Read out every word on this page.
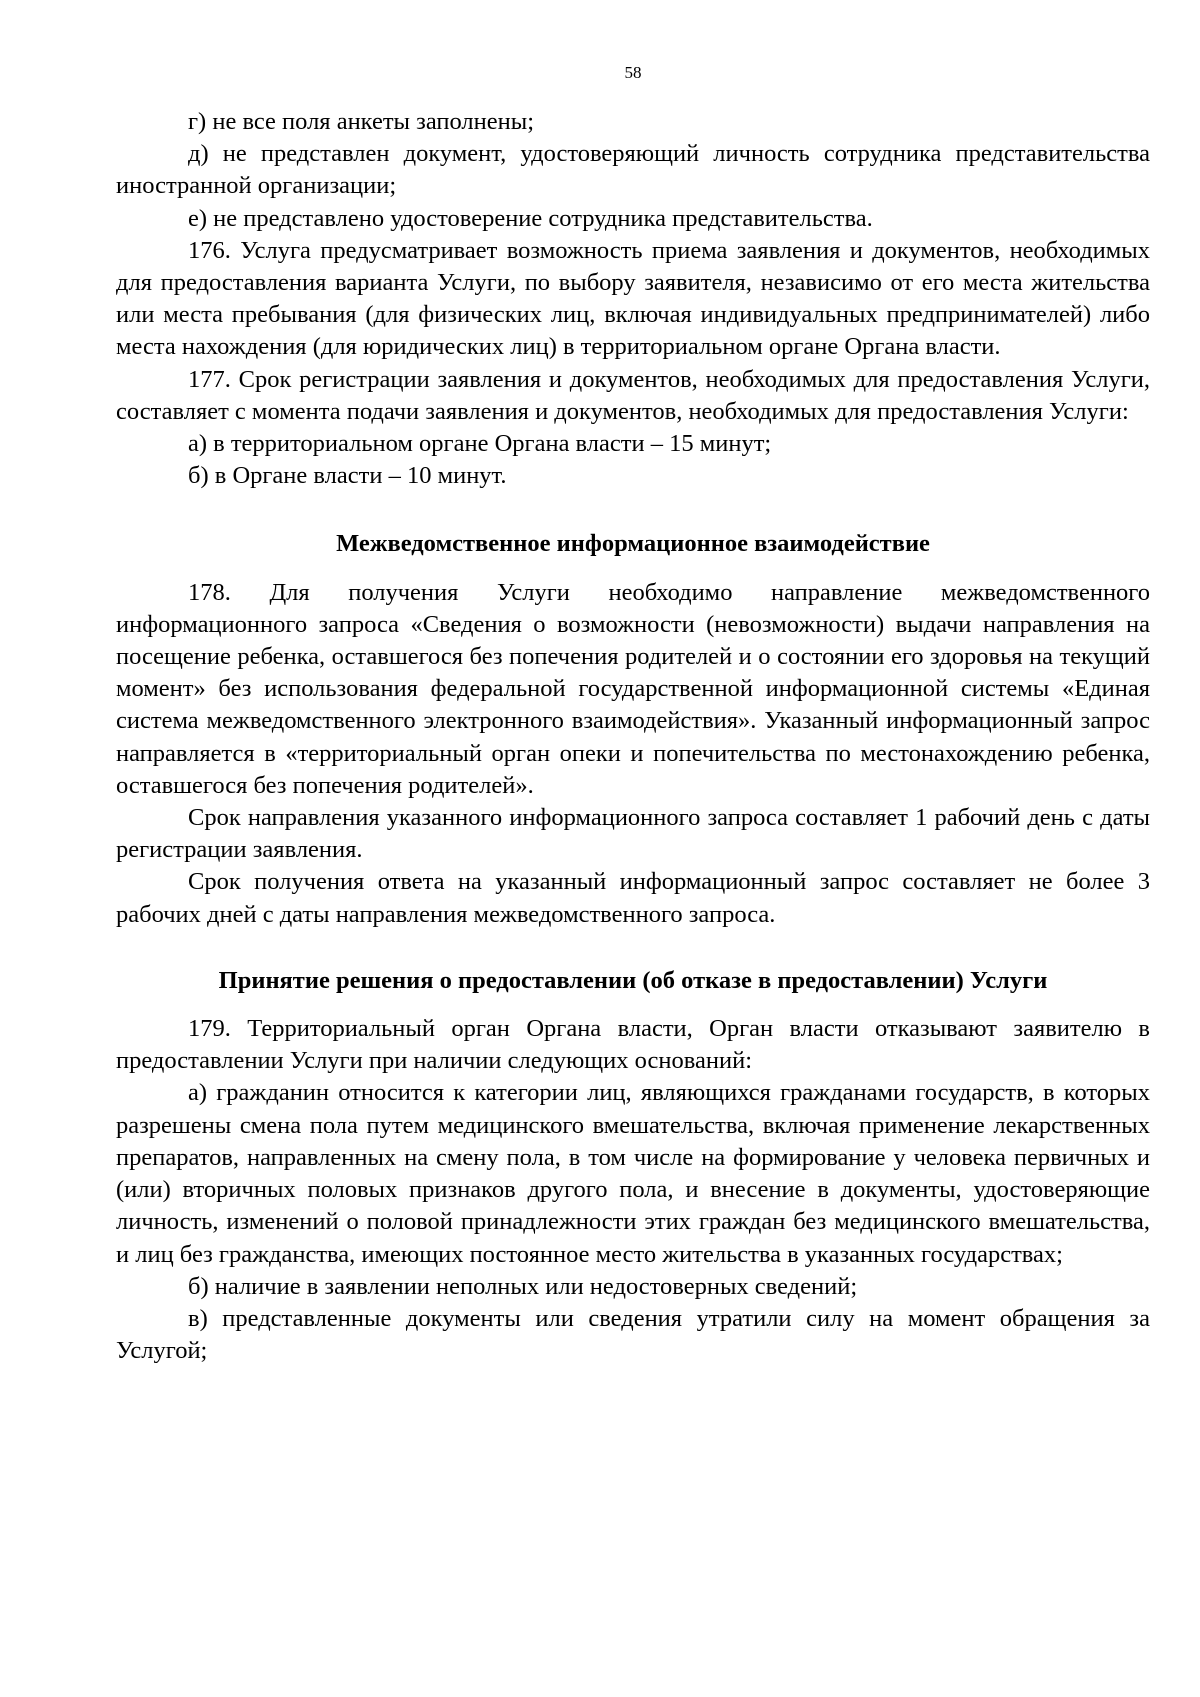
58

г) не все поля анкеты заполнены;

д) не представлен документ, удостоверяющий личность сотрудника представительства иностранной организации;

е) не представлено удостоверение сотрудника представительства.

176. Услуга предусматривает возможность приема заявления и документов, необходимых для предоставления варианта Услуги, по выбору заявителя, независимо от его места жительства или места пребывания (для физических лиц, включая индивидуальных предпринимателей) либо места нахождения (для юридических лиц) в территориальном органе Органа власти.

177. Срок регистрации заявления и документов, необходимых для предоставления Услуги, составляет с момента подачи заявления и документов, необходимых для предоставления Услуги:

а) в территориальном органе Органа власти – 15 минут;

б) в Органе власти – 10 минут.

Межведомственное информационное взаимодействие

178. Для получения Услуги необходимо направление межведомственного информационного запроса «Сведения о возможности (невозможности) выдачи направления на посещение ребенка, оставшегося без попечения родителей и о состоянии его здоровья на текущий момент» без использования федеральной государственной информационной системы «Единая система межведомственного электронного взаимодействия». Указанный информационный запрос направляется в «территориальный орган опеки и попечительства по местонахождению ребенка, оставшегося без попечения родителей».

Срок направления указанного информационного запроса составляет 1 рабочий день с даты регистрации заявления.

Срок получения ответа на указанный информационный запрос составляет не более 3 рабочих дней с даты направления межведомственного запроса.

Принятие решения о предоставлении (об отказе в предоставлении) Услуги

179. Территориальный орган Органа власти, Орган власти отказывают заявителю в предоставлении Услуги при наличии следующих оснований:

а) гражданин относится к категории лиц, являющихся гражданами государств, в которых разрешены смена пола путем медицинского вмешательства, включая применение лекарственных препаратов, направленных на смену пола, в том числе на формирование у человека первичных и (или) вторичных половых признаков другого пола, и внесение в документы, удостоверяющие личность, изменений о половой принадлежности этих граждан без медицинского вмешательства, и лиц без гражданства, имеющих постоянное место жительства в указанных государствах;

б) наличие в заявлении неполных или недостоверных сведений;

в) представленные документы или сведения утратили силу на момент обращения за Услугой;
